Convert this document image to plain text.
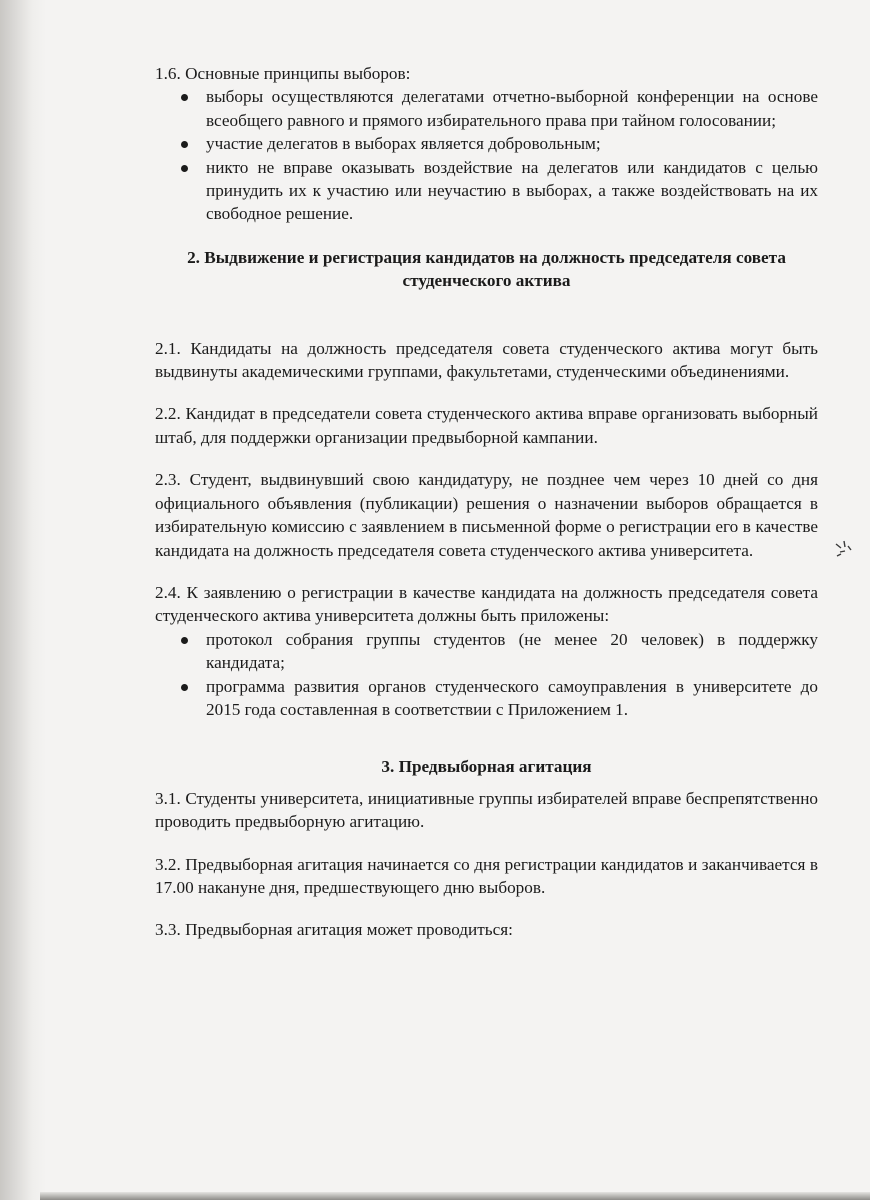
1.6. Основные принципы выборов:

выборы осуществляются делегатами отчетно-выборной конференции на основе всеобщего равного и прямого избирательного права при тайном голосовании;
участие делегатов в выборах является добровольным;
никто не вправе оказывать воздействие на делегатов или кандидатов с целью принудить их к участию или неучастию в выборах, а также воздействовать на их свободное решение.

2. Выдвижение и регистрация кандидатов на должность председателя совета студенческого актива

2.1. Кандидаты на должность председателя совета студенческого актива могут быть выдвинуты академическими группами, факультетами, студенческими объединениями.

2.2. Кандидат в председатели совета студенческого актива вправе организовать выборный штаб, для поддержки организации предвыборной кампании.

2.3. Студент, выдвинувший свою кандидатуру, не позднее чем через 10 дней со дня официального объявления (публикации) решения о назначении выборов обращается в избирательную комиссию с заявлением в письменной форме о регистрации его в качестве кандидата на должность председателя совета студенческого актива университета.

2.4. К заявлению о регистрации в качестве кандидата на должность председателя совета студенческого актива университета должны быть приложены:

протокол собрания группы студентов (не менее 20 человек) в поддержку кандидата;
программа развития органов студенческого самоуправления в университете до 2015 года составленная в соответствии с Приложением 1.

3. Предвыборная агитация

3.1. Студенты университета, инициативные группы избирателей вправе беспрепятственно проводить предвыборную агитацию.

3.2. Предвыборная агитация начинается со дня регистрации кандидатов и заканчивается в 17.00 накануне дня, предшествующего дню выборов.

3.3. Предвыборная агитация может проводиться:
